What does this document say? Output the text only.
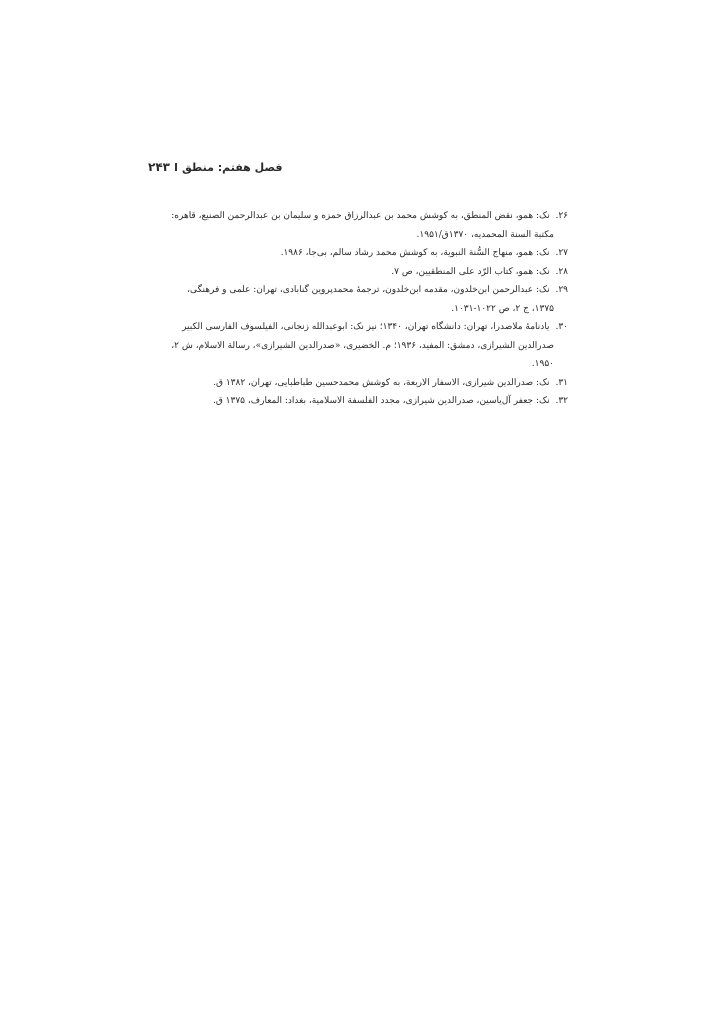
۲۴۳ فصل هفتم: منطق
۲۶. نک: همو، نقض المنطق، به کوشش محمد بن عبدالرزاق حمزه و سلیمان بن عبدالرحمن الصنیع، قاهره:
مکتبة السنة المحمدیه، ۱۳۷۰ق/۱۹۵۱.
۲۷. نک: همو، منهاج السُّنة النبویة، به کوشش محمد رشاد سالم، بی‌جا، ۱۹۸۶.
۲۸. نک: همو، کتاب الرّد علی المنطقیین، ص ۷.
۲۹. نک: عبدالرحمن ابن‌خلدون، مقدمه ابن‌خلدون، ترجمهٔ محمدپروین گنابادی، تهران: علمی و فرهنگی،
۱۳۷۵، ج ۲، ص ۱۰۲۲-۱۰۳۱.
۳۰. یادنامهٔ ملاصدرا، تهران: دانشگاه تهران، ۱۳۴۰؛ نیز نک: ابوعبدالله زنجانی، الفیلسوف الفارسی الکبیر
صدرالدین الشیرازی، دمشق: المفید، ۱۹۳۶؛ م. الخضیری، «صدرالدین الشیرازی»، رسالة الاسلام، ش ۲،
۱۹۵۰.
۳۱. نک: صدرالدین شیرازی، الاسفار الاربعة، به کوشش محمدحسین طباطبایی، تهران، ۱۳۸۲ ق.
۳۲. نک: جعفر آل‌یاسین، صدرالدین شیرازی، مجدد الفلسفة الاسلامیة، بغداد: المعارف، ۱۳۷۵ ق.
